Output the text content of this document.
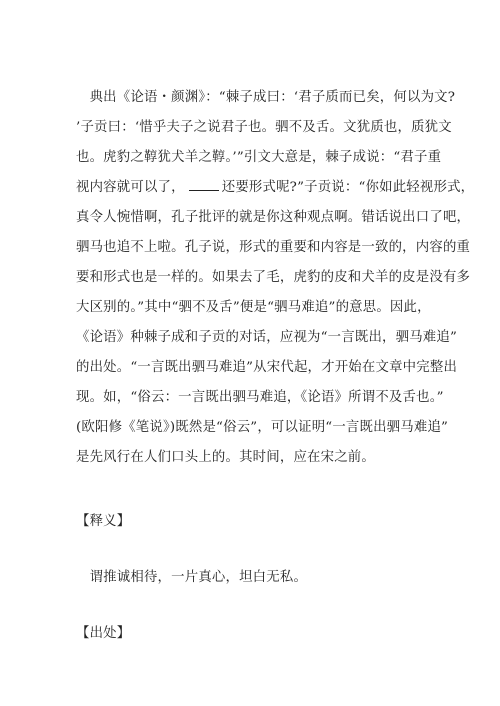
　典出《论语・颜渊》：“棘子成曰：‘君子质而已矣，何以为文?
’子贡曰：‘惜乎夫子之说君子也。驷不及舌。文犹质也，质犹文
也。虎豹之鞟犹犬羊之鞟。’”引文大意是，棘子成说：“君子重
视内容就可以了，	还要形式呢?”子贡说：“你如此轻视形式，
真令人惋惜啊，孔子批评的就是你这种观点啊。错话说出口了吧，
驷马也追不上啦。孔子说，形式的重要和内容是一致的，内容的重
要和形式也是一样的。如果去了毛，虎豹的皮和犬羊的皮是没有多
大区别的。”其中“驷不及舌”便是“驷马难追”的意思。因此，
《论语》种棘子成和子贡的对话，应视为“一言既出，驷马难追”
的出处。“一言既出驷马难追”从宋代起，才开始在文章中完整出
现。如，“俗云：一言既出驷马难追，《论语》所谓不及舌也。”
(欧阳修《笔说》)既然是“俗云”，可以证明“一言既出驷马难追”
是先风行在人们口头上的。其时间，应在宋之前。
【释义】
　谓推诚相待，一片真心，坦白无私。
【出处】
